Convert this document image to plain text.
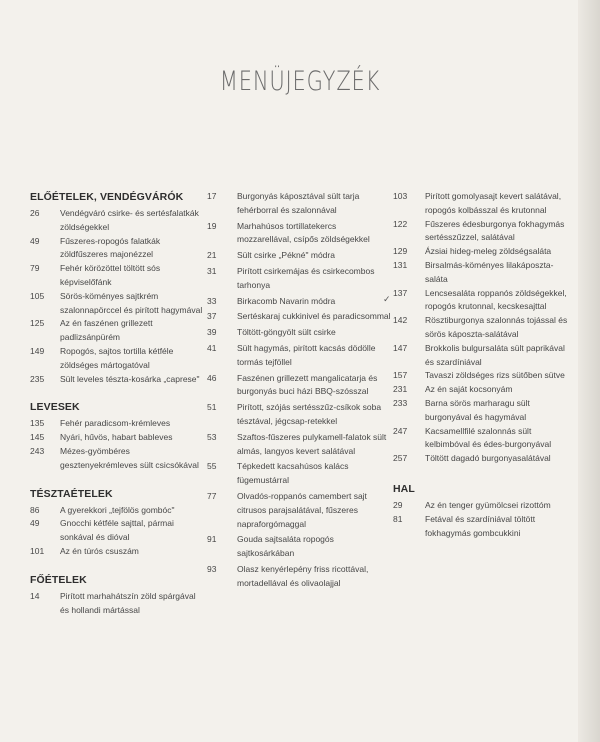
MENÜJEGYZÉK
ELŐÉTELEK, VENDÉGVÁRÓK
26	Vendégváró csirke- és sertésfalatkák zöldségekkel
49	Fűszeres-ropogós falatkák zöldfűszeres majonézzel
79	Fehér körözöttel töltött sós képviselőfánk
105	Sörös-köményes sajtkrém szalonnapörccel és pirított hagymával
125	Az én faszénen grillezett padlizsánpürém
149	Ropogós, sajtos tortilla kétféle zöldséges mártogatóval
235	Sült leveles tészta-kosárka „caprese"
LEVESEK
135	Fehér paradicsom-krémleves
145	Nyári, hűvös, habart bableves
243	Mézes-gyömbéres gesztenyekrémleves sült csicsókával
TÉSZTAÉTELEK
86	A gyerekkori „tejfölös gombóc"
49	Gnocchi kétféle sajttal, pármai sonkával és dióval
101	Az én túrós csuszám
FŐÉTELEK
14	Pirított marhahátszín zöld spárgával és hollandi mártással
17	Burgonyás káposztával sült tarja fehérborral és szalonnával
19	Marhahúsos tortillatekercs mozzarellával, csípős zöldségekkel
21	Sült csirke „Pékné" módra
31	Pirított csirkemájas és csirkecombos tarhonya
33	Birkacomb Navarin módra
37	Sertéskaraj cukkinivel és paradicsommal
39	Töltött-göngyölt sült csirke
41	Sült hagymás, pirított kacsás dödölle tormás tejföllel
46	Faszénen grillezett mangalicatarja és burgonyás buci házi BBQ-szósszal
51	Pirított, szójás sertésszűz-csíkok soba tésztával, jégcsap-retekkel
53	Szaftos-fűszeres pulykamell-falatok sült almás, langyos kevert salátával
55	Tépkedett kacsahúsos kalács fügemustárral
77	Olvadós-roppanós camembert sajt citrusos parajsalátával, fűszeres napraforgómaggal
91	Gouda sajtsaláta ropogós sajtkosárkában
93	Olasz kenyérlepény friss ricottával, mortadellával és olivaolajjal
✓
103	Pirított gomolyasajt kevert salátával, ropogós kolbásszal és krutonnal
122	Fűszeres édesburgonya fokhagymás sertésszűzzel, salátával
129	Ázsiai hideg-meleg zöldségsaláta
131	Birsalmás-köményes lilakáposzta-saláta
137	Lencsesaláta roppanós zöldségekkel, ropogós krutonnal, kecskesajttal
142	Rösztiburgonya szalonnás tojással és sörös káposzta-salátával
147	Brokkolis bulgursaláta sült paprikával és szardíniával
157	Tavaszi zöldséges rizs sütőben sütve
231	Az én saját kocsonyám
233	Barna sörös marharagu sült burgonyával és hagymával
247	Kacsamellfilé szalonnás sült kelbimbóval és édes-burgonyával
257	Töltött dagadó burgonyasalátával
HAL
29	Az én tenger gyümölcsei rizottóm
81	Fetával és szardíniával töltött fokhagymás gombcukkini
